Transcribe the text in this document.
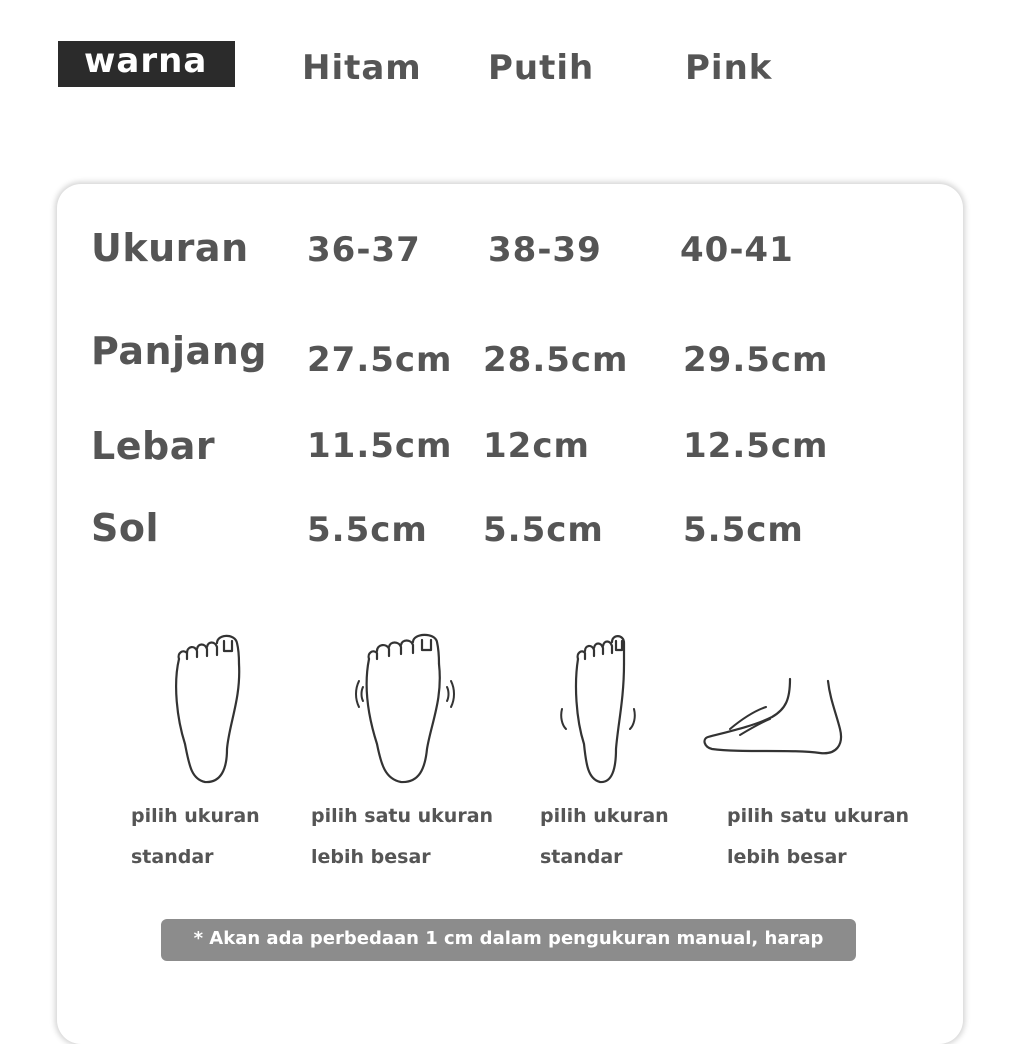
warna	Hitam Putih	Pink
Ukuran 36-37 38-39 40-41
Panjang 27.5cm 28.5cm 29.5cm
Lebar	11.5cm 12cm	12.5cm
Sol	5.5cm 5.5cm 5.5cm
pilih ukuran
standar
pilih satu ukuran
lebih besar
pilih ukuran
standar
pilih satu ukuran
lebih besar
* Akan ada perbedaan 1 cm dalam pengukuran manual, harap dipaham
